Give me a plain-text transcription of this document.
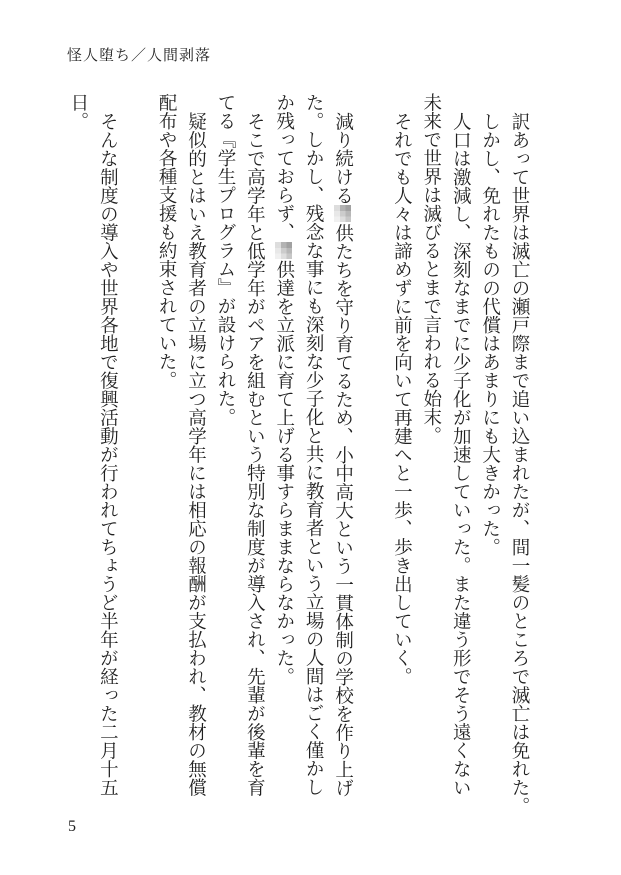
怪人堕ち／人間剥落

訳あって世界は滅亡の瀬戸際まで追い込まれたが、間一髪のところで滅亡は免れた。

しかし、免れたものの代償はあまりにも大きかった。

人口は激減し、深刻なまでに少子化が加速していった。また違う形でそう遠くない

未来で世界は滅びるとまで言われる始末。

それでも人々は諦めずに前を向いて再建へと一歩、歩き出していく。

減り続ける供たちを守り育てるため、小中高大という一貫体制の学校を作り上げ

た。しかし、残念な事にも深刻な少子化と共に教育者という立場の人間はごく僅かし

か残っておらず、供達を立派に育て上げる事すらままならなかった。

そこで高学年と低学年がペアを組むという特別な制度が導入され、先輩が後輩を育

てる『学生プログラム』が設けられた。

疑似的とはいえ教育者の立場に立つ高学年には相応の報酬が支払われ、教材の無償

配布や各種支援も約束されていた。

そんな制度の導入や世界各地で復興活動が行われてちょうど半年が経った二月十五

日。

5
